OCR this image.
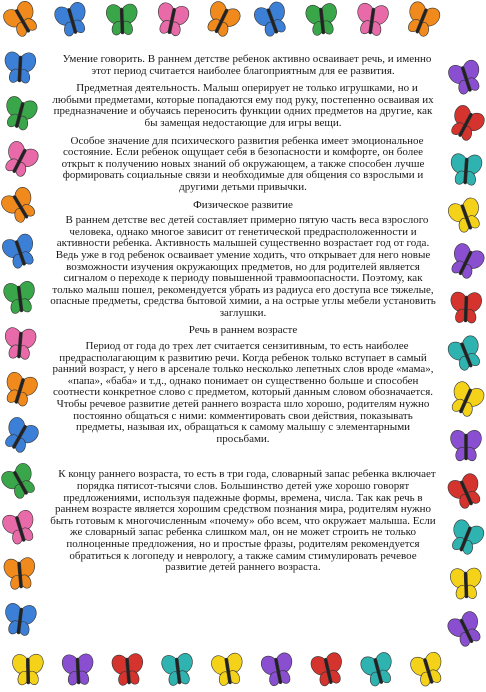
Умение говорить. В раннем детстве ребенок активно осваивает речь, и именно этот период считается наиболее благоприятным для ее развития.

Предметная деятельность. Малыш оперирует не только игрушками, но и любыми предметами, которые попадаются ему под руку, постепенно осваивая их предназначение и обучаясь переносить функции одних предметов на другие, как бы замещая недостающие для игры вещи.

Особое значение для психического развития ребенка имеет эмоциональное состояние. Если ребенок ощущает себя в безопасности и комфорте, он более открыт к получению новых знаний об окружающем, а также способен лучше формировать социальные связи и необходимые для общения со взрослыми и другими детьми привычки.

Физическое развитие

В раннем детстве вес детей составляет примерно пятую часть веса взрослого человека, однако многое зависит от генетической предрасположенности и активности ребенка. Активность малышей существенно возрастает год от года. Ведь уже в год ребенок осваивает умение ходить, что открывает для него новые возможности изучения окружающих предметов, но для родителей является сигналом о переходе к периоду повышенной травмоопасности. Поэтому, как только малыш пошел, рекомендуется убрать из радиуса его доступа все тяжелые, опасные предметы, средства бытовой химии, а на острые углы мебели установить заглушки.

Речь в раннем возрасте

Период от года до трех лет считается сензитивным, то есть наиболее предрасполагающим к развитию речи. Когда ребенок только вступает в самый ранний возраст, у него в арсенале только несколько лепетных слов вроде «мама», «папа», «баба» и т.д., однако понимает он существенно больше и способен соотнести конкретное слово с предметом, который данным словом обозначается. Чтобы речевое развитие детей раннего возраста шло хорошо, родителям нужно постоянно общаться с ними: комментировать свои действия, показывать предметы, называя их, обращаться к самому малышу с элементарными просьбами.

К концу раннего возраста, то есть в три года, словарный запас ребенка включает порядка пятисот-тысячи слов. Большинство детей уже хорошо говорят предложениями, используя падежные формы, времена, числа. Так как речь в раннем возрасте является хорошим средством познания мира, родителям нужно быть готовым к многочисленным «почему» обо всем, что окружает малыша. Если же словарный запас ребенка слишком мал, он не может строить не только полноценные предложения, но и простые фразы, родителям рекомендуется обратиться к логопеду и неврологу, а также самим стимулировать речевое развитие детей раннего возраста.
